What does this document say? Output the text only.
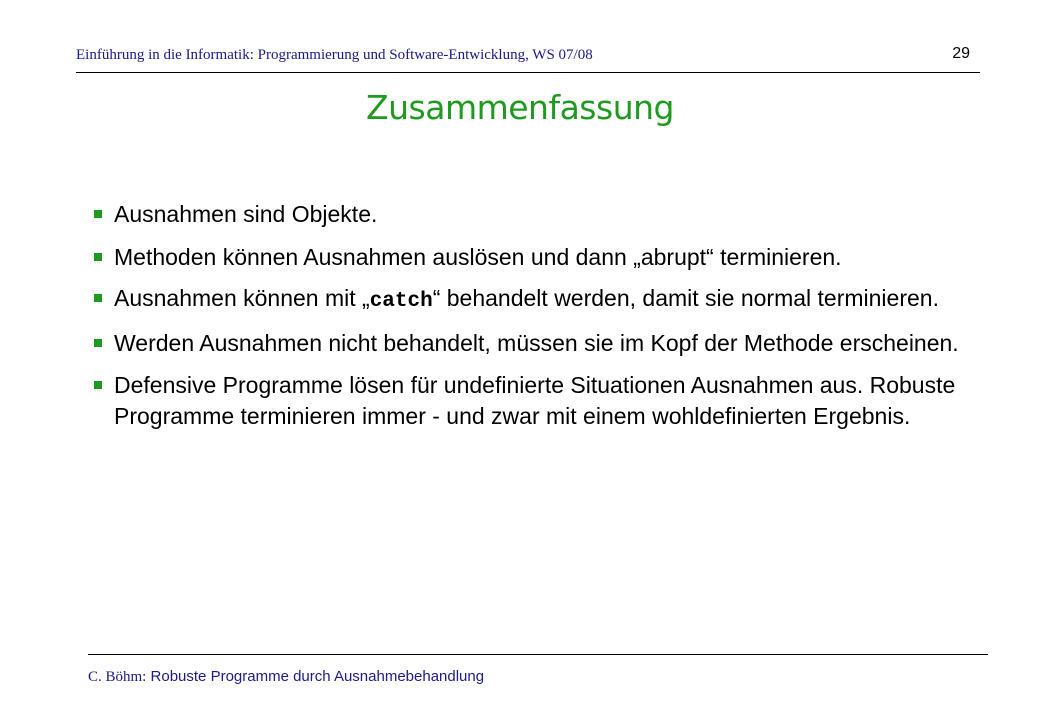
Einführung in die Informatik: Programmierung und Software-Entwicklung, WS 07/08	29
Zusammenfassung
Ausnahmen sind Objekte.
Methoden können Ausnahmen auslösen und dann „abrupt“ terminieren.
Ausnahmen können mit „catch“ behandelt werden, damit sie normal terminieren.
Werden Ausnahmen nicht behandelt, müssen sie im Kopf der Methode erscheinen.
Defensive Programme lösen für undefinierte Situationen Ausnahmen aus. Robuste Programme terminieren immer - und zwar mit einem wohldefinierten Ergebnis.
C. Böhm: Robuste Programme durch Ausnahmebehandlung
